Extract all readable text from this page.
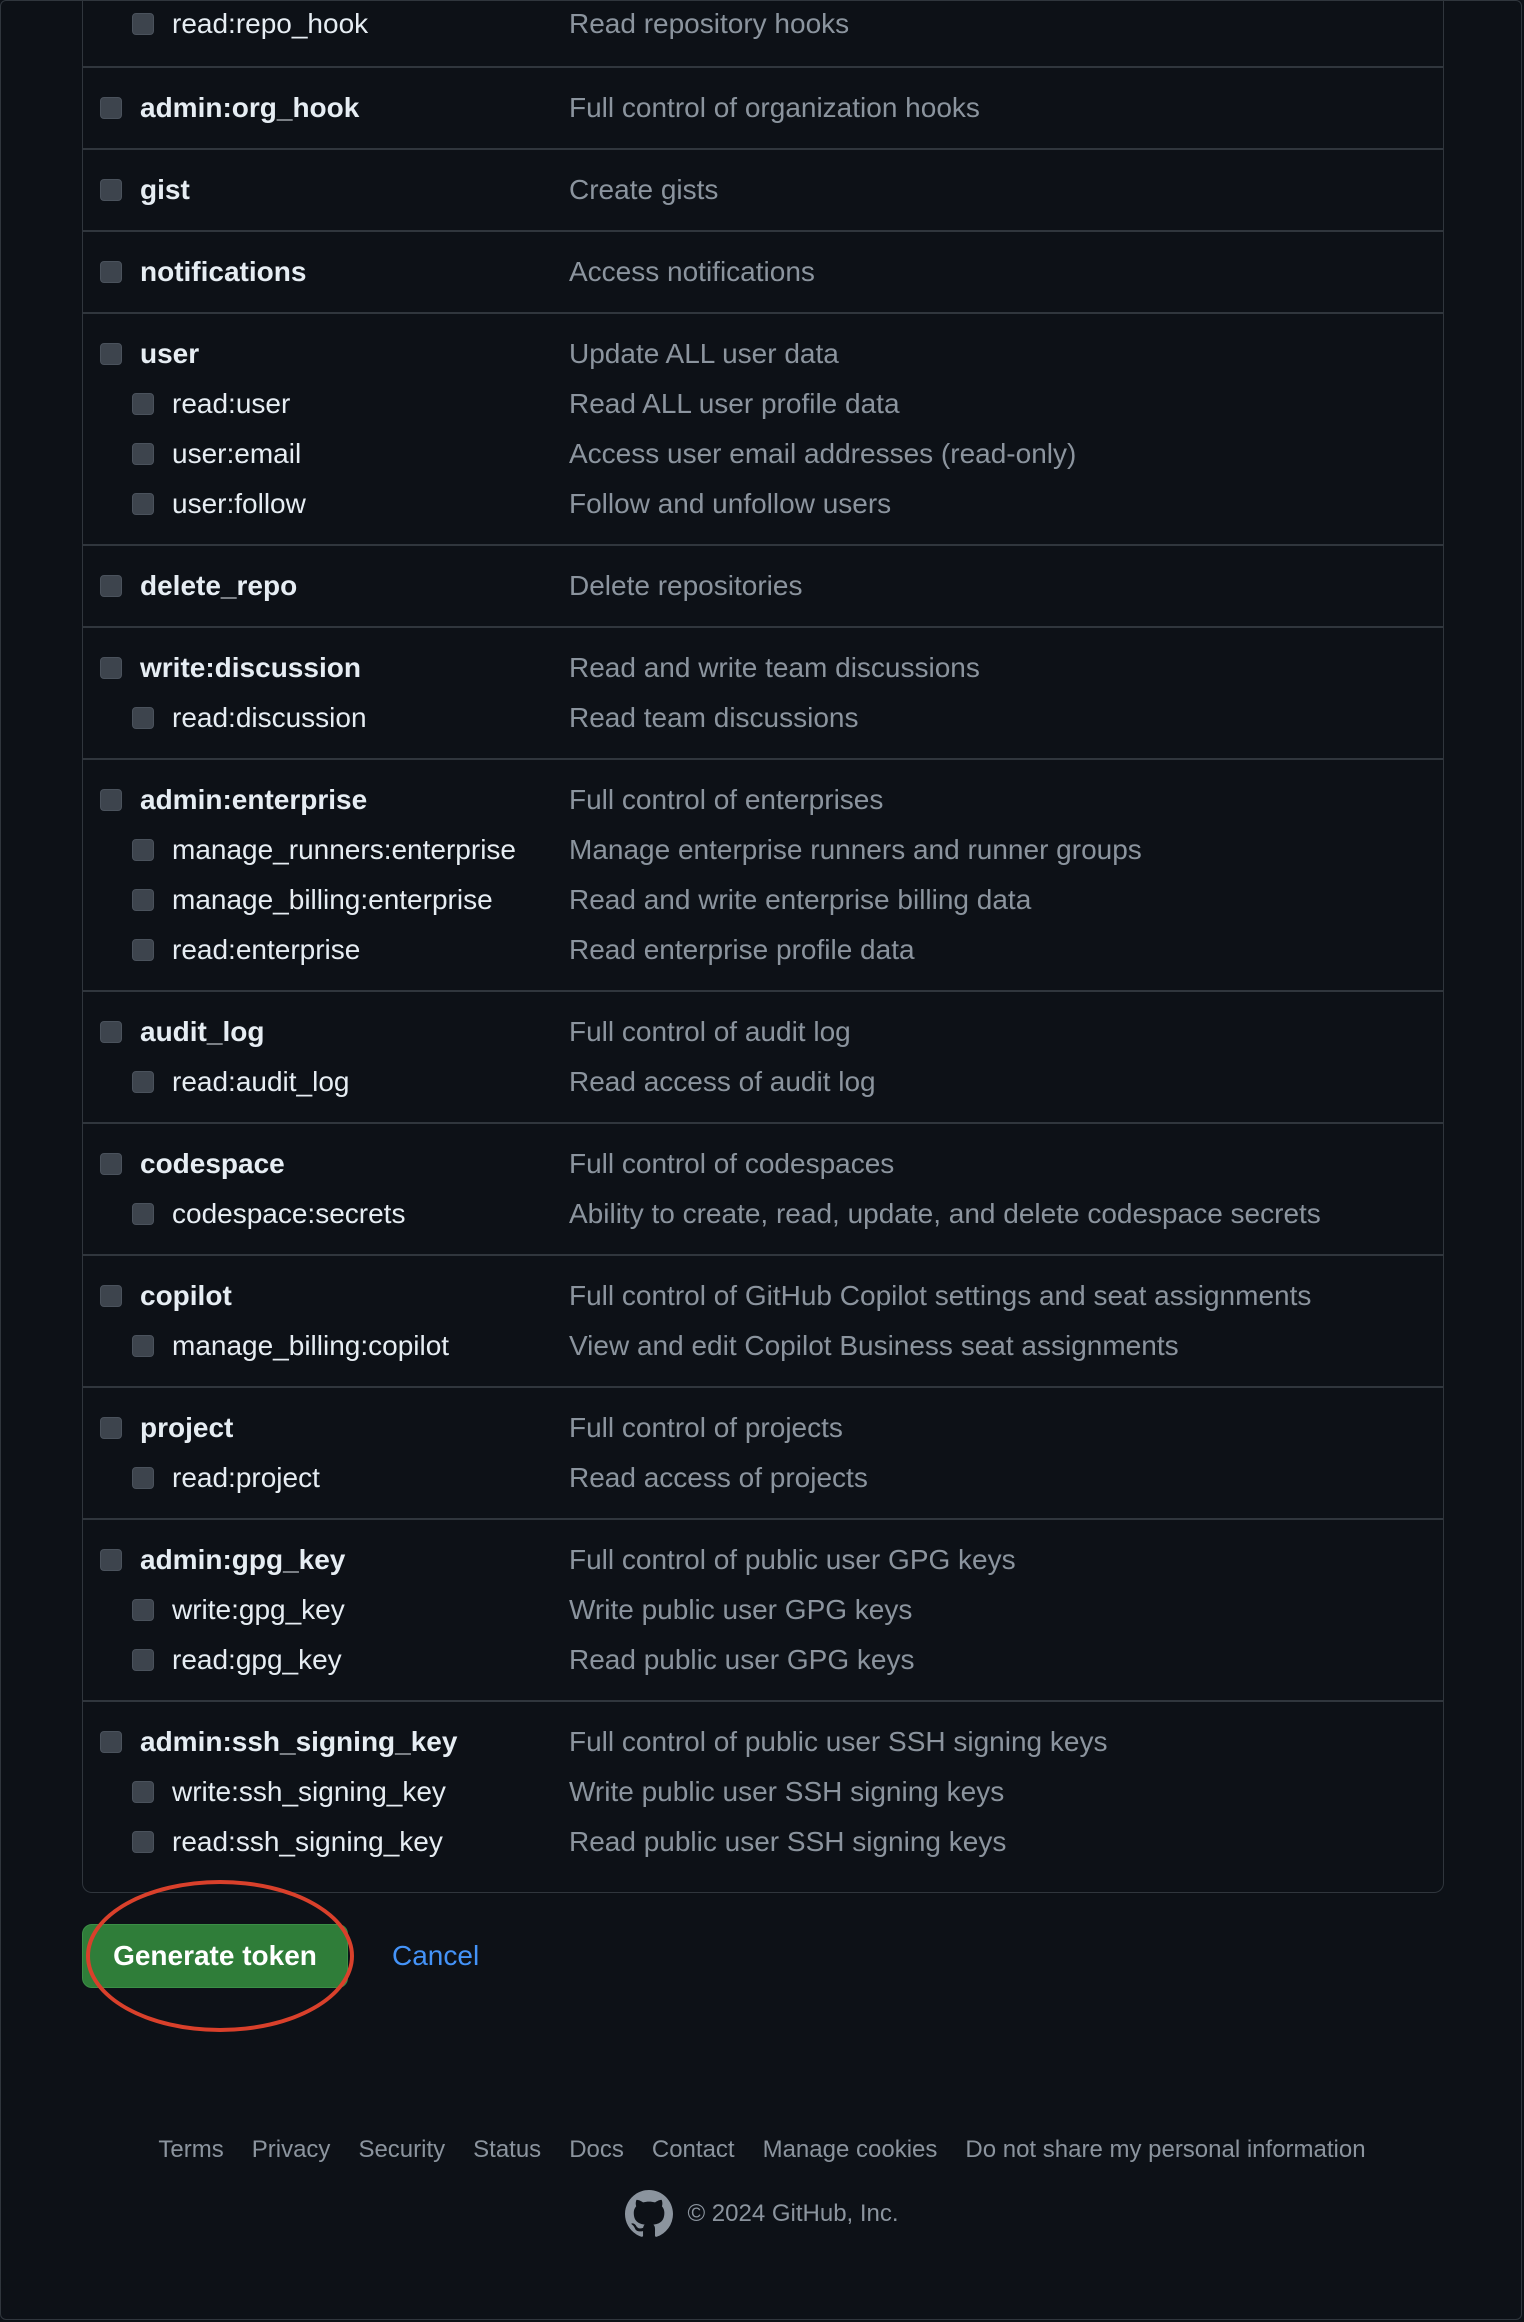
read:repo_hook	Read repository hooks
admin:org_hook	Full control of organization hooks
gist	Create gists
notifications	Access notifications
user	Update ALL user data
read:user	Read ALL user profile data
user:email	Access user email addresses (read-only)
user:follow	Follow and unfollow users
delete_repo	Delete repositories
write:discussion	Read and write team discussions
read:discussion	Read team discussions
admin:enterprise	Full control of enterprises
manage_runners:enterprise Manage enterprise runners and runner groups
manage_billing:enterprise	Read and write enterprise billing data
read:enterprise	Read enterprise profile data
audit_log	Full control of audit log
read:audit_log	Read access of audit log
codespace	Full control of codespaces
codespace:secrets	Ability to create, read, update, and delete codespace secrets
copilot	Full control of GitHub Copilot settings and seat assignments
manage_billing:copilot	View and edit Copilot Business seat assignments
project	Full control of projects
read:project	Read access of projects
admin:gpg_key	Full control of public user GPG keys
write:gpg_key	Write public user GPG keys
read:gpg_key	Read public user GPG keys
admin:ssh_signing_key	Full control of public user SSH signing keys
write:ssh_signing_key	Write public user SSH signing keys
read:ssh_signing_key	Read public user SSH signing keys
Generate token	Cancel
Terms Privacy Security Status Docs Contact Manage cookies Do not share my personal information
© 2024 GitHub, Inc.
